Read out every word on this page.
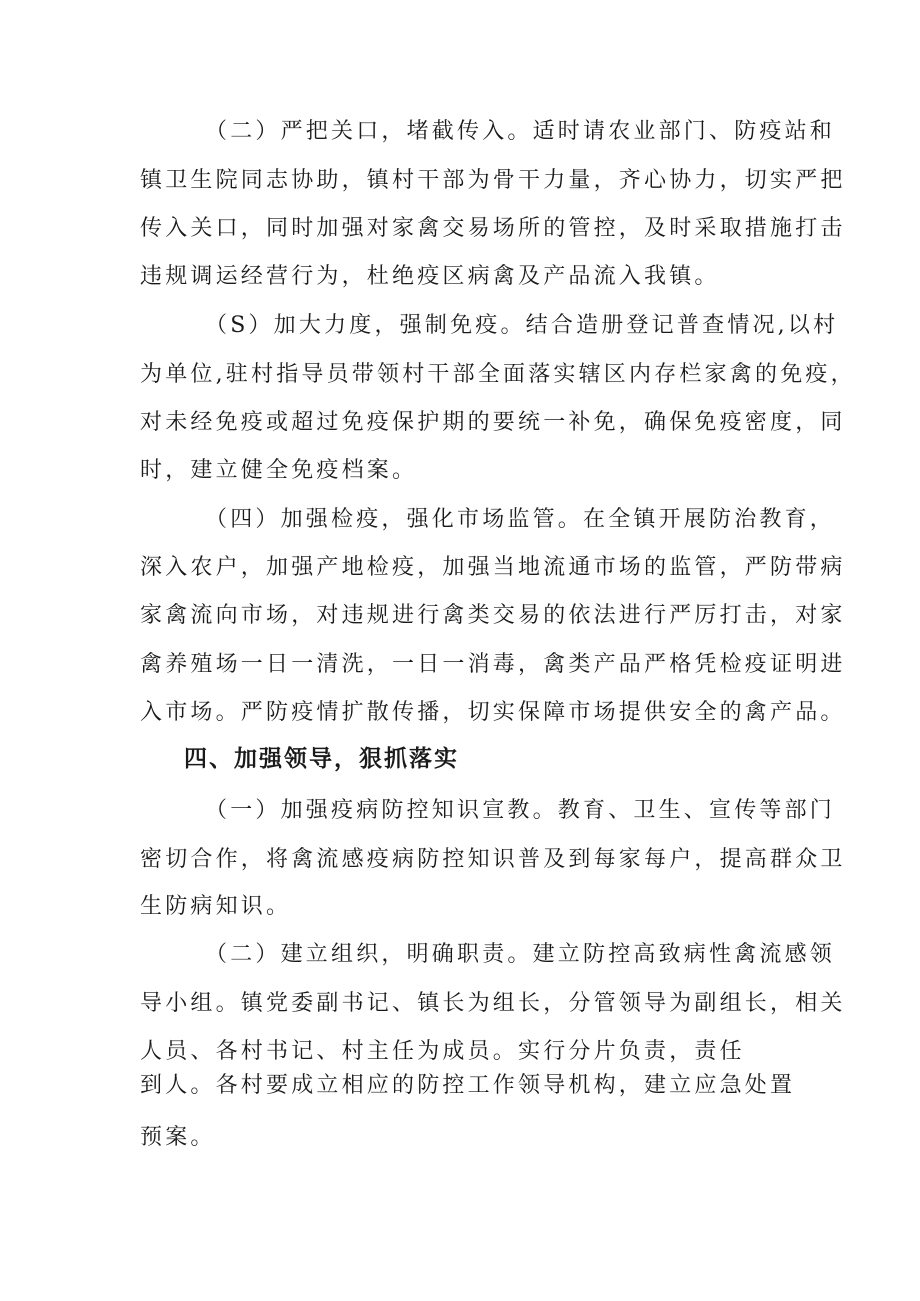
（二）严把关口，堵截传入。适时请农业部门、防疫站和
镇卫生院同志协助，镇村干部为骨干力量，齐心协力，切实严把
传入关口，同时加强对家禽交易场所的管控，及时采取措施打击
违规调运经营行为，杜绝疫区病禽及产品流入我镇。
（S）加大力度，强制免疫。结合造册登记普查情况,以村
为单位,驻村指导员带领村干部全面落实辖区内存栏家禽的免疫，
对未经免疫或超过免疫保护期的要统一补免，确保免疫密度，同
时，建立健全免疫档案。
（四）加强检疫，强化市场监管。在全镇开展防治教育，
深入农户，加强产地检疫，加强当地流通市场的监管，严防带病
家禽流向市场，对违规进行禽类交易的依法进行严厉打击，对家
禽养殖场一日一清洗，一日一消毒，禽类产品严格凭检疫证明进
入市场。严防疫情扩散传播，切实保障市场提供安全的禽产品。
四、加强领导，狠抓落实
（一）加强疫病防控知识宣教。教育、卫生、宣传等部门
密切合作，将禽流感疫病防控知识普及到每家每户，提高群众卫
生防病知识。
（二）建立组织，明确职责。建立防控高致病性禽流感领
导小组。镇党委副书记、镇长为组长，分管领导为副组长，相关
人员、各村书记、村主任为成员。实行分片负责，责任
到人。各村要成立相应的防控工作领导机构，建立应急处置
预案。
